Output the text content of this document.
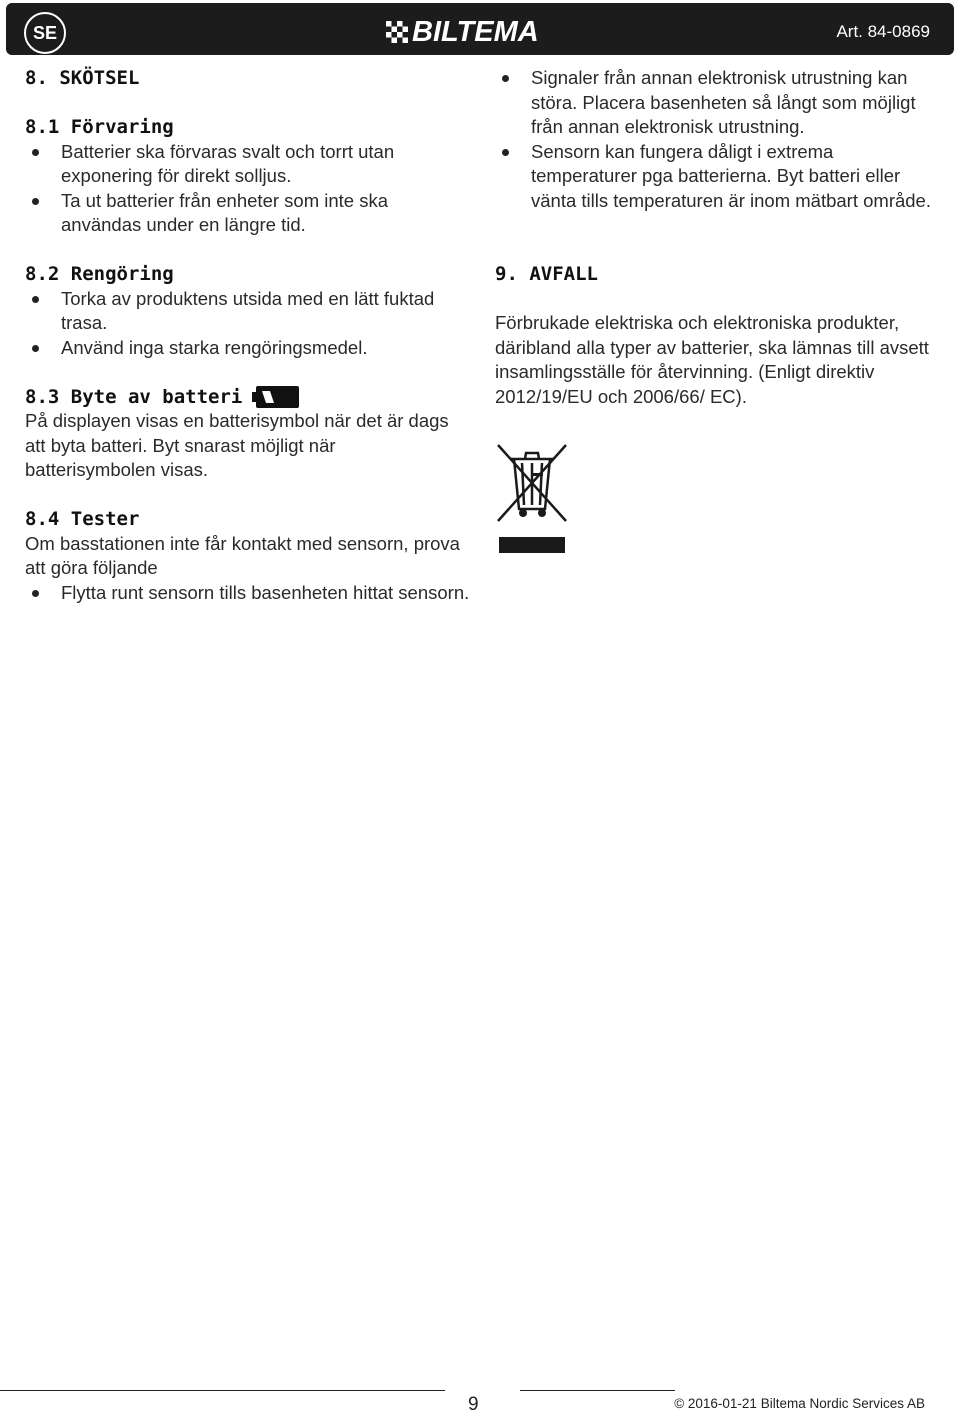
SE	BILTEMA	Art. 84-0869

8. SKÖTSEL

8.1 Förvaring

Batterier ska förvaras svalt och torrt utan exponering för direkt solljus.
Ta ut batterier från enheter som inte ska användas under en längre tid.

8.2 Rengöring

Torka av produktens utsida med en lätt fuktad trasa.
Använd inga starka rengöringsmedel.

8.3 Byte av batteri

På displayen visas en batterisymbol när det är dags att byta batteri. Byt snarast möjligt när batterisymbolen visas.

8.4 Tester

Om basstationen inte får kontakt med sensorn, prova att göra följande

Flytta runt sensorn tills basenheten hittat sensorn.
Signaler från annan elektronisk utrustning kan störa. Placera basenheten så långt som möjligt från annan elektronisk utrustning.
Sensorn kan fungera dåligt i extrema temperaturer pga batterierna. Byt batteri eller vänta tills temperaturen är inom mätbart område.

9. AVFALL

Förbrukade elektriska och elektroniska produkter, däribland alla typer av batterier, ska lämnas till avsett insamlingsställe för återvinning. (Enligt direktiv 2012/19/EU och 2006/66/ EC).

9	© 2016-01-21 Biltema Nordic Services AB
